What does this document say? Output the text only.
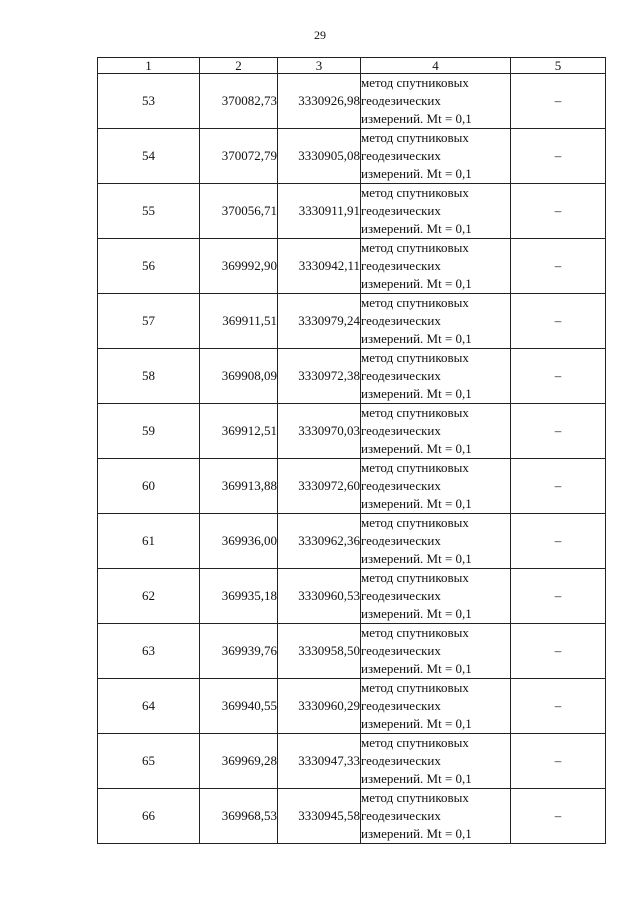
29
1	2	3	4	5
53	370082,73	3330926,98	метод спутниковых
геодезических
измерений. Mt = 0,1	–
54	370072,79	3330905,08	метод спутниковых
геодезических
измерений. Mt = 0,1	–
55	370056,71	3330911,91	метод спутниковых
геодезических
измерений. Mt = 0,1	–
56	369992,90	3330942,11	метод спутниковых
геодезических
измерений. Mt = 0,1	–
57	369911,51	3330979,24	метод спутниковых
геодезических
измерений. Mt = 0,1	–
58	369908,09	3330972,38	метод спутниковых
геодезических
измерений. Mt = 0,1	–
59	369912,51	3330970,03	метод спутниковых
геодезических
измерений. Mt = 0,1	–
60	369913,88	3330972,60	метод спутниковых
геодезических
измерений. Mt = 0,1	–
61	369936,00	3330962,36	метод спутниковых
геодезических
измерений. Mt = 0,1	–
62	369935,18	3330960,53	метод спутниковых
геодезических
измерений. Mt = 0,1	–
63	369939,76	3330958,50	метод спутниковых
геодезических
измерений. Mt = 0,1	–
64	369940,55	3330960,29	метод спутниковых
геодезических
измерений. Mt = 0,1	–
65	369969,28	3330947,33	метод спутниковых
геодезических
измерений. Mt = 0,1	–
66	369968,53	3330945,58	метод спутниковых
геодезических
измерений. Mt = 0,1	–
